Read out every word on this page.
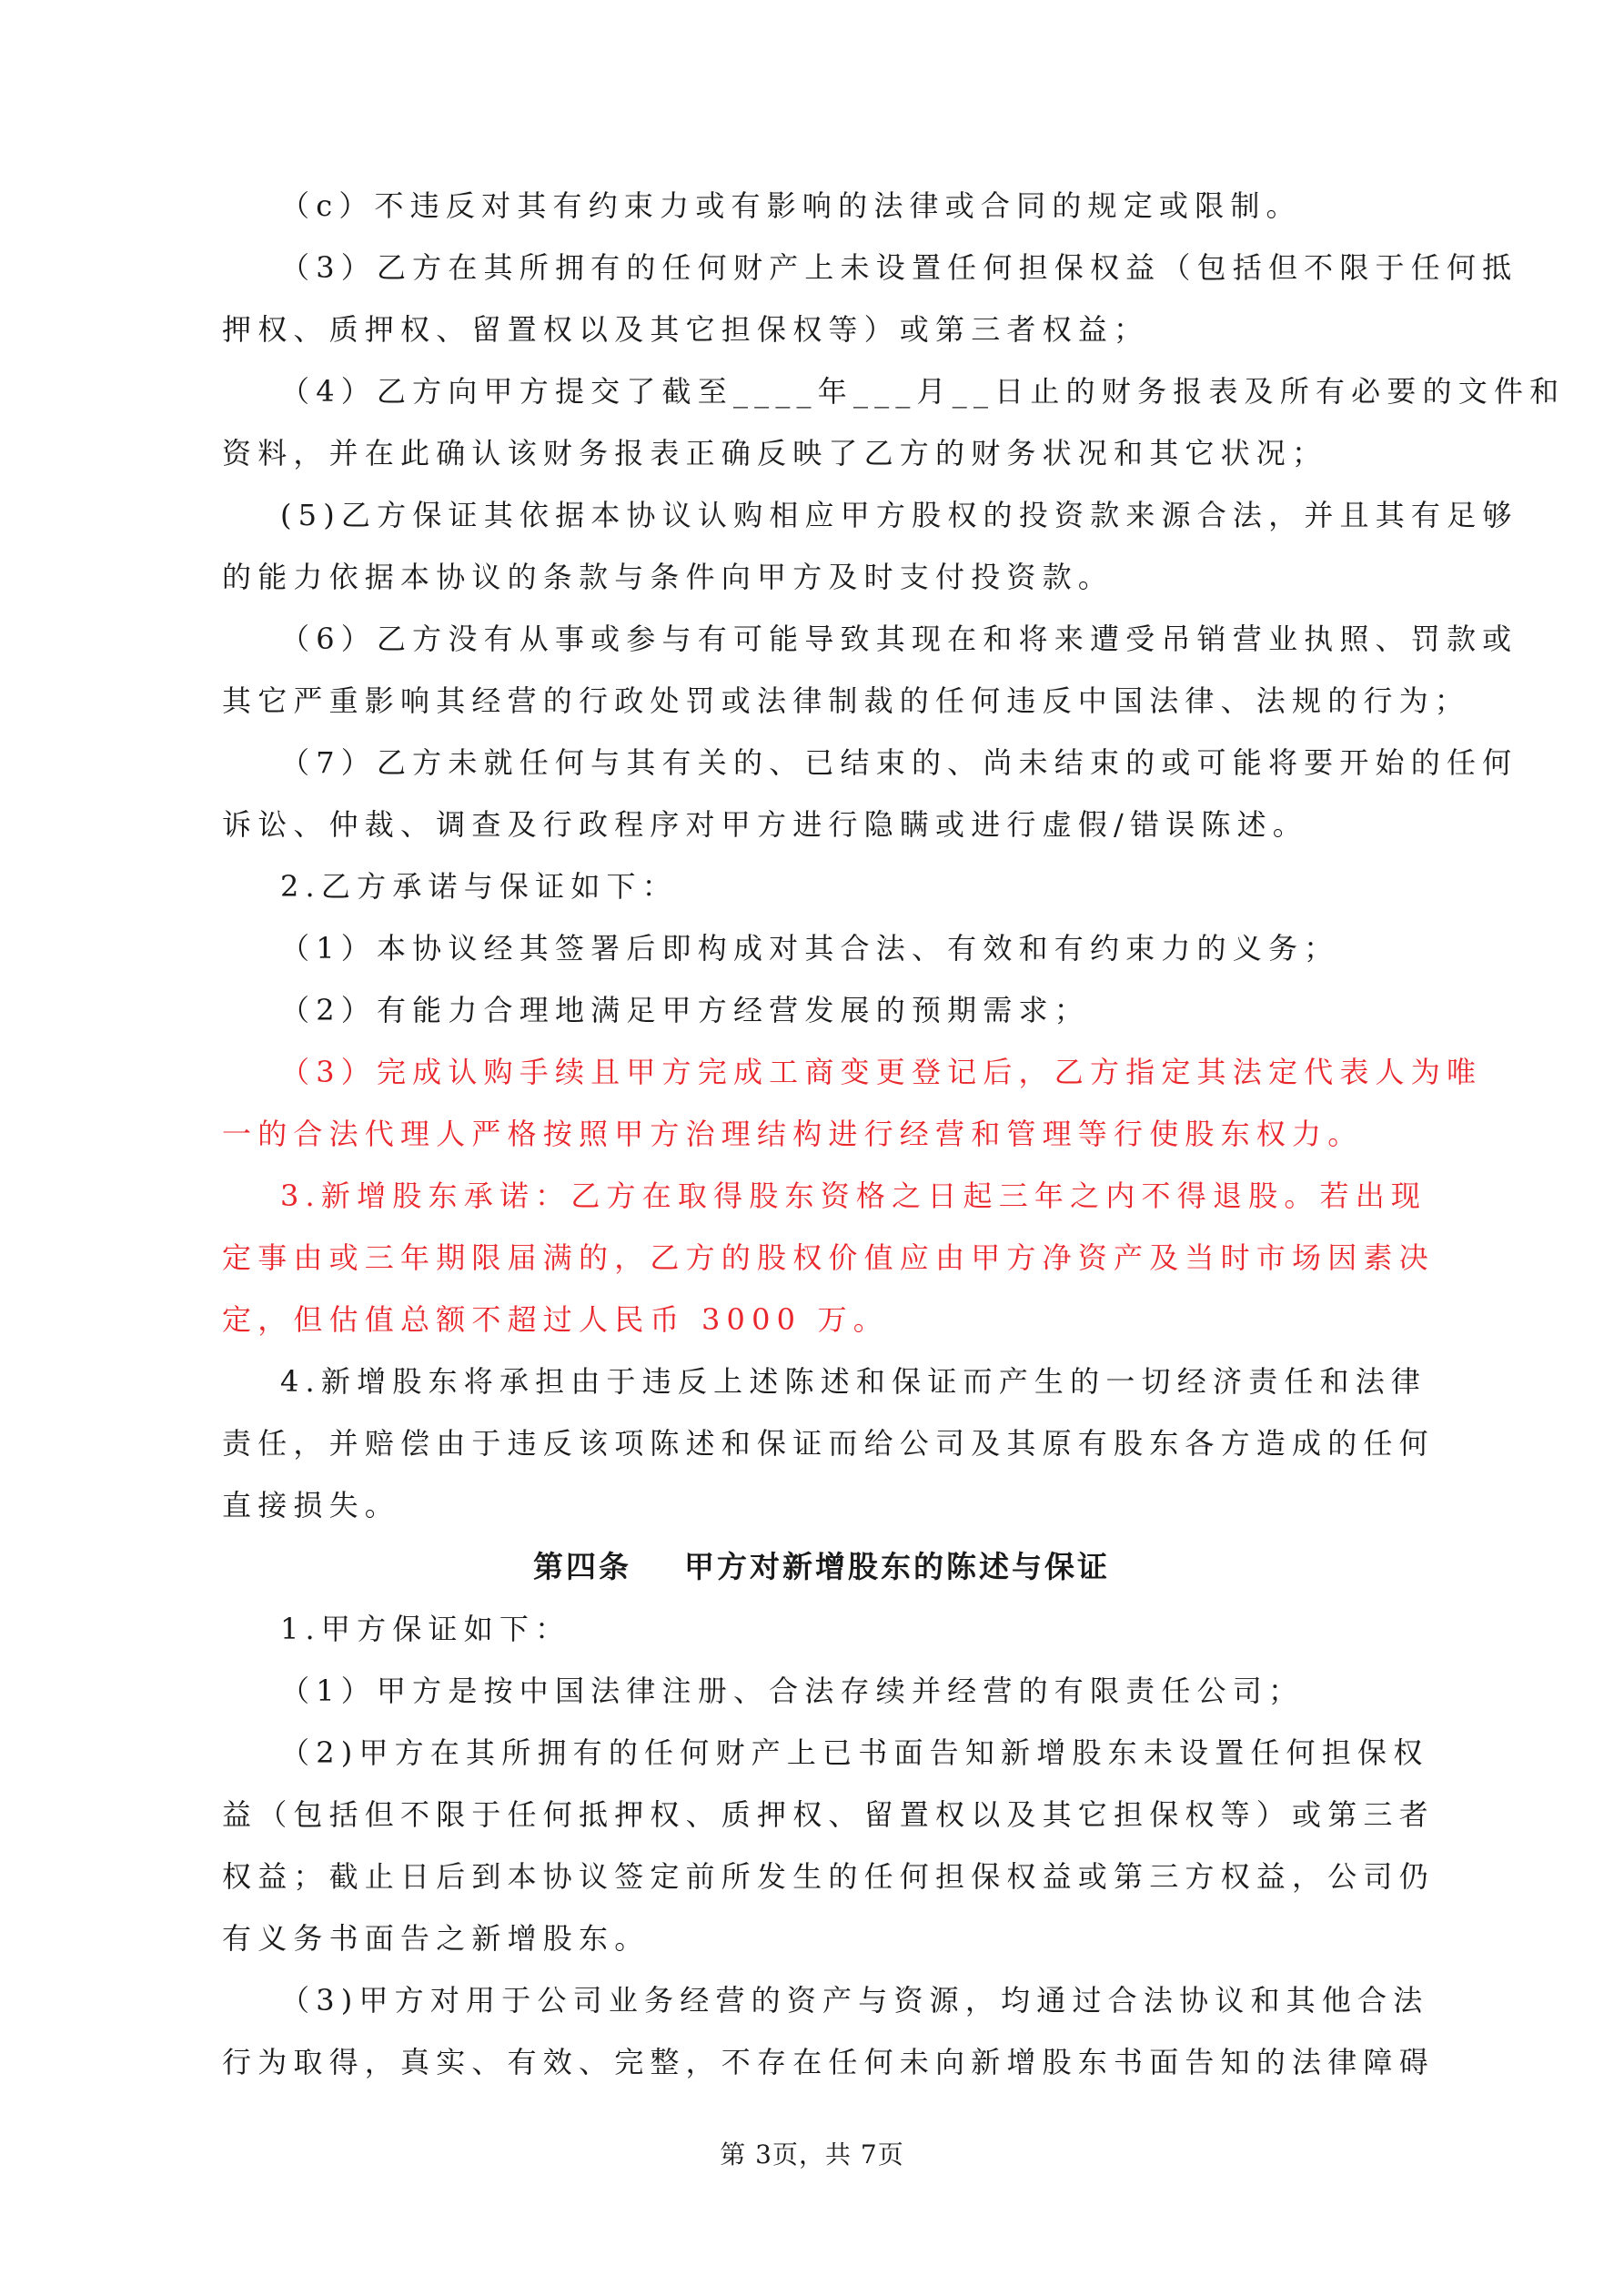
（c）不违反对其有约束力或有影响的法律或合同的规定或限制。
（3）乙方在其所拥有的任何财产上未设置任何担保权益（包括但不限于任何抵
押权、质押权、留置权以及其它担保权等）或第三者权益；
（4）乙方向甲方提交了截至____年___月__日止的财务报表及所有必要的文件和
资料，并在此确认该财务报表正确反映了乙方的财务状况和其它状况；
(5)乙方保证其依据本协议认购相应甲方股权的投资款来源合法，并且其有足够
的能力依据本协议的条款与条件向甲方及时支付投资款。
（6）乙方没有从事或参与有可能导致其现在和将来遭受吊销营业执照、罚款或
其它严重影响其经营的行政处罚或法律制裁的任何违反中国法律、法规的行为；
（7）乙方未就任何与其有关的、已结束的、尚未结束的或可能将要开始的任何
诉讼、仲裁、调查及行政程序对甲方进行隐瞒或进行虚假/错误陈述。
2.乙方承诺与保证如下：
（1）本协议经其签署后即构成对其合法、有效和有约束力的义务；
（2）有能力合理地满足甲方经营发展的预期需求；
（3）完成认购手续且甲方完成工商变更登记后，乙方指定其法定代表人为唯
一的合法代理人严格按照甲方治理结构进行经营和管理等行使股东权力。
3.新增股东承诺：乙方在取得股东资格之日起三年之内不得退股。若出现
定事由或三年期限届满的，乙方的股权价值应由甲方净资产及当时市场因素决
定，但估值总额不超过人民币 3000 万。
4.新增股东将承担由于违反上述陈述和保证而产生的一切经济责任和法律
责任，并赔偿由于违反该项陈述和保证而给公司及其原有股东各方造成的任何
直接损失。
第四条    甲方对新增股东的陈述与保证
1.甲方保证如下：
（1）甲方是按中国法律注册、合法存续并经营的有限责任公司；
（2)甲方在其所拥有的任何财产上已书面告知新增股东未设置任何担保权
益（包括但不限于任何抵押权、质押权、留置权以及其它担保权等）或第三者
权益；截止日后到本协议签定前所发生的任何担保权益或第三方权益，公司仍
有义务书面告之新增股东。
（3)甲方对用于公司业务经营的资产与资源，均通过合法协议和其他合法
行为取得，真实、有效、完整，不存在任何未向新增股东书面告知的法律障碍
第 3页，共 7页
